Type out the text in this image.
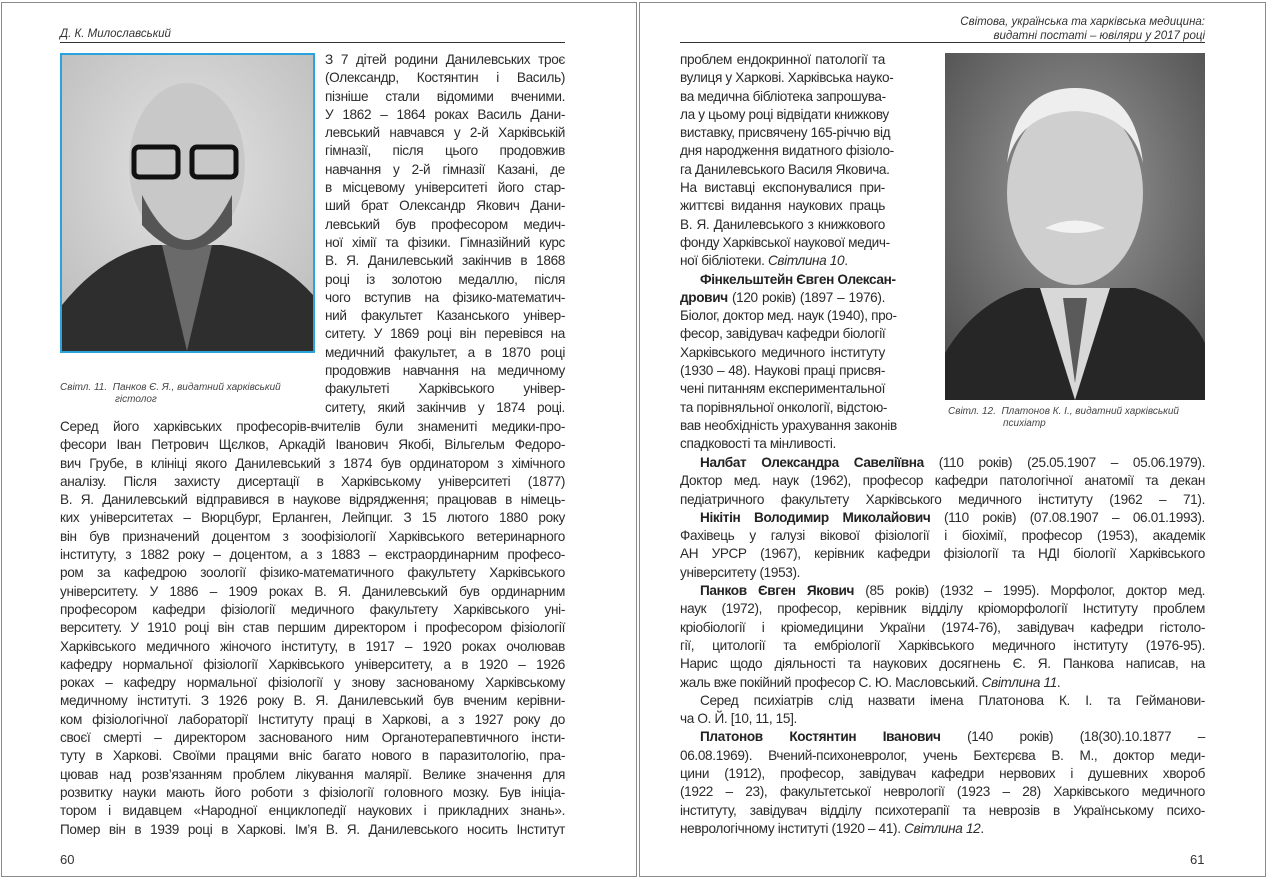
Д. К. Милославський
Світл. 11. Панков Є. Я., видатний харківський
гістолог
З 7 дітей родини Данилевських троє
(Олександр, Костянтин і Василь)
пізніше стали відомими вченими.
У 1862 – 1864 роках Василь Дани-
левський навчався у 2-й Харківській
гімназії, після цього продовжив
навчання у 2-й гімназії Казані, де
в місцевому університеті його стар-
ший брат Олександр Якович Дани-
левський був професором медич-
ної хімії та фізики. Гімназійний курс
В. Я. Данилевський закінчив в 1868
році із золотою медаллю, після
чого вступив на фізико-математич-
ний факультет Казанського універ-
ситету. У 1869 році він перевівся на
медичний факультет, а в 1870 році
продовжив навчання на медичному
факультеті Харківського універ-
ситету, який закінчив у 1874 році.
Серед його харківських професорів-вчителів були знамениті медики-про-
фесори Іван Петрович Щєлков, Аркадій Іванович Якобі, Вільгельм Федоро-
вич Грубе, в клініці якого Данилевський з 1874 був ординатором з хімічного
аналізу. Після захисту дисертації в Харківському університеті (1877)
В. Я. Данилевський відправився в наукове відрядження; працював в німець-
ких університетах – Вюрцбург, Ерланген, Лейпциг. З 15 лютого 1880 року
він був призначений доцентом з зоофізіології Харківського ветеринарного
інституту, з 1882 року – доцентом, а з 1883 – екстраординарним професо-
ром за кафедрою зоології фізико-математичного факультету Харківського
університету. У 1886 – 1909 роках В. Я. Данилевський був ординарним
професором кафедри фізіології медичного факультету Харківського уні-
верситету. У 1910 році він став першим директором і професором фізіології
Харківського медичного жіночого інституту, в 1917 – 1920 роках очолював
кафедру нормальної фізіології Харківського університету, а в 1920 – 1926
роках – кафедру нормальної фізіології у знову заснованому Харківському
медичному інституті. З 1926 року В. Я. Данилевський був вченим керівни-
ком фізіологічної лабораторії Інституту праці в Харкові, а з 1927 року до
своєї смерті – директором заснованого ним Органотерапевтичного інсти-
туту в Харкові. Своїми працями вніс багато нового в паразитологію, пра-
цював над розв’язанням проблем лікування малярії. Велике значення для
розвитку науки мають його роботи з фізіології головного мозку. Був ініціа-
тором і видавцем «Народної енциклопедії наукових і прикладних знань».
Помер він в 1939 році в Харкові. Ім’я В. Я. Данилевського носить Інститут
60
Світова, українська та харківська медицина:
видатні постаті – ювіляри у 2017 році
Світл. 12. Платонов К. І., видатний харківський
психіатр
проблем ендокринної патології та
вулиця у Харкові. Харківська науко-
ва медична бібліотека запрошува-
ла у цьому році відвідати книжкову
виставку, присвячену 165-річчю від
дня народження видатного фізіоло-
га Данилевського Василя Яковича.
На виставці експонувалися при-
життєві видання наукових праць
В. Я. Данилевського з книжкового
фонду Харківської наукової медич-
ної бібліотеки. Світлина 10.
Фінкельштейн Євген Олексан-
дрович (120 років) (1897 – 1976).
Біолог, доктор мед. наук (1940), про-
фесор, завідувач кафедри біології
Харківського медичного інституту
(1930 – 48). Наукові праці присвя-
чені питанням експериментальної
та порівняльної онкології, відстою-
вав необхідність урахування законів
спадковості та мінливості.
Налбат Олександра Савеліївна (110 років) (25.05.1907 – 05.06.1979).
Доктор мед. наук (1962), професор кафедри патологічної анатомії та декан
педіатричного факультету Харківського медичного інституту (1962 – 71).
Нікітін Володимир Миколайович (110 років) (07.08.1907 – 06.01.1993).
Фахівець у галузі вікової фізіології і біохімії, професор (1953), академік
АН УРСР (1967), керівник кафедри фізіології та НДІ біології Харківського
університету (1953).
Панков Євген Якович (85 років) (1932 – 1995). Морфолог, доктор мед.
наук (1972), професор, керівник відділу кріоморфології Інституту проблем
кріобіології і кріомедицини України (1974-76), завідувач кафедри гістоло-
гії, цитології та ембріології Харківського медичного інституту (1976-95).
Нарис щодо діяльності та наукових досягнень Є. Я. Панкова написав, на
жаль вже покійний професор С. Ю. Масловський. Світлина 11.
Серед психіатрів слід назвати імена Платонова К. І. та Гейманови-
ча О. Й. [10, 11, 15].
Платонов Костянтин Іванович (140 років) (18(30).10.1877 –
06.08.1969). Вчений-психоневролог, учень Бехтєрєва В. М., доктор меди-
цини (1912), професор, завідувач кафедри нервових і душевних хвороб
(1922 – 23), факультетської неврології (1923 – 28) Харківського медичного
інституту, завідувач відділу психотерапії та неврозів в Українському психо-
неврологічному інституті (1920 – 41). Світлина 12.
61
